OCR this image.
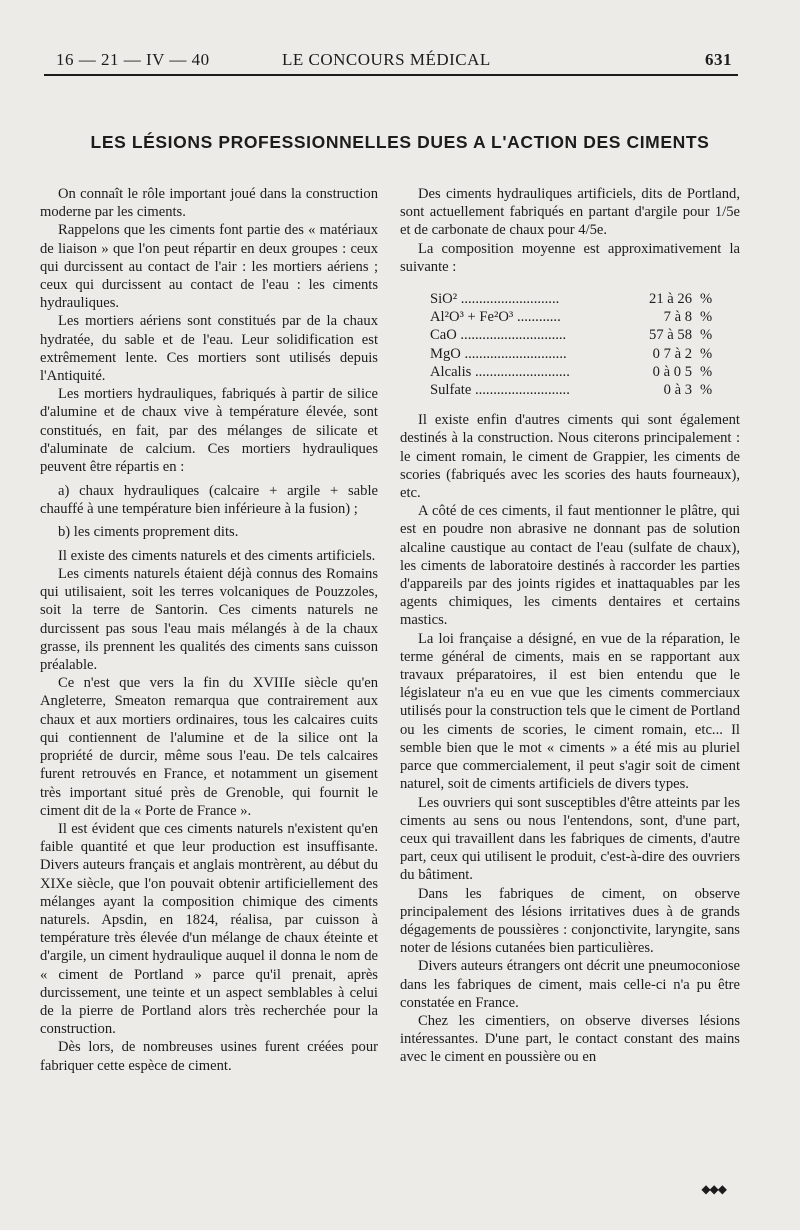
16 — 21 — IV — 40	LE CONCOURS MÉDICAL	631
LES LÉSIONS PROFESSIONNELLES DUES A L'ACTION DES CIMENTS

On connaît le rôle important joué dans la construction moderne par les ciments.

Rappelons que les ciments font partie des « matériaux de liaison » que l'on peut répartir en deux groupes : ceux qui durcissent au contact de l'air : les mortiers aériens ; ceux qui durcissent au contact de l'eau : les ciments hydrauliques.

Les mortiers aériens sont constitués par de la chaux hydratée, du sable et de l'eau. Leur solidification est extrêmement lente. Ces mortiers sont utilisés depuis l'Antiquité.

Les mortiers hydrauliques, fabriqués à partir de silice d'alumine et de chaux vive à température élevée, sont constitués, en fait, par des mélanges de silicate et d'aluminate de calcium. Ces mortiers hydrauliques peuvent être répartis en :

a) chaux hydrauliques (calcaire + argile + sable chauffé à une température bien inférieure à la fusion) ;

b) les ciments proprement dits.

Il existe des ciments naturels et des ciments artificiels.

Les ciments naturels étaient déjà connus des Romains qui utilisaient, soit les terres volcaniques de Pouzzoles, soit la terre de Santorin. Ces ciments naturels ne durcissent pas sous l'eau mais mélangés à de la chaux grasse, ils prennent les qualités des ciments sans cuisson préalable.

Ce n'est que vers la fin du XVIIIe siècle qu'en Angleterre, Smeaton remarqua que contrairement aux chaux et aux mortiers ordinaires, tous les calcaires cuits qui contiennent de l'alumine et de la silice ont la propriété de durcir, même sous l'eau. De tels calcaires furent retrouvés en France, et notamment un gisement très important situé près de Grenoble, qui fournit le ciment dit de la « Porte de France ».

Il est évident que ces ciments naturels n'existent qu'en faible quantité et que leur production est insuffisante. Divers auteurs français et anglais montrèrent, au début du XIXe siècle, que l'on pouvait obtenir artificiellement des mélanges ayant la composition chimique des ciments naturels. Apsdin, en 1824, réalisa, par cuisson à température très élevée d'un mélange de chaux éteinte et d'argile, un ciment hydraulique auquel il donna le nom de « ciment de Portland » parce qu'il prenait, après durcissement, une teinte et un aspect semblables à celui de la pierre de Portland alors très recherchée pour la construction.

Dès lors, de nombreuses usines furent créées pour fabriquer cette espèce de ciment.

Des ciments hydrauliques artificiels, dits de Portland, sont actuellement fabriqués en partant d'argile pour 1/5e et de carbonate de chaux pour 4/5e.

La composition moyenne est approximativement la suivante :

SiO² ...........................	21 à 26	%
Al²O³ + Fe²O³ ............	7 à 8	%
CaO .............................	57 à 58	%
MgO ............................	0 7 à 2	%
Alcalis ..........................	0 à 0 5	%
Sulfate ..........................	0 à 3	%

Il existe enfin d'autres ciments qui sont également destinés à la construction. Nous citerons principalement : le ciment romain, le ciment de Grappier, les ciments de scories (fabriqués avec les scories des hauts fourneaux), etc.

A côté de ces ciments, il faut mentionner le plâtre, qui est en poudre non abrasive ne donnant pas de solution alcaline caustique au contact de l'eau (sulfate de chaux), les ciments de laboratoire destinés à raccorder les parties d'appareils par des joints rigides et inattaquables par les agents chimiques, les ciments dentaires et certains mastics.

La loi française a désigné, en vue de la réparation, le terme général de ciments, mais en se rapportant aux travaux préparatoires, il est bien entendu que le législateur n'a eu en vue que les ciments commerciaux utilisés pour la construction tels que le ciment de Portland ou les ciments de scories, le ciment romain, etc... Il semble bien que le mot « ciments » a été mis au pluriel parce que commercialement, il peut s'agir soit de ciment naturel, soit de ciments artificiels de divers types.

Les ouvriers qui sont susceptibles d'être atteints par les ciments au sens ou nous l'entendons, sont, d'une part, ceux qui travaillent dans les fabriques de ciments, d'autre part, ceux qui utilisent le produit, c'est-à-dire des ouvriers du bâtiment.

Dans les fabriques de ciment, on observe principalement des lésions irritatives dues à de grands dégagements de poussières : conjonctivite, laryngite, sans noter de lésions cutanées bien particulières.

Divers auteurs étrangers ont décrit une pneumoconiose dans les fabriques de ciment, mais celle-ci n'a pu être constatée en France.

Chez les cimentiers, on observe diverses lésions intéressantes. D'une part, le contact constant des mains avec le ciment en poussière ou en

◆◆◆
